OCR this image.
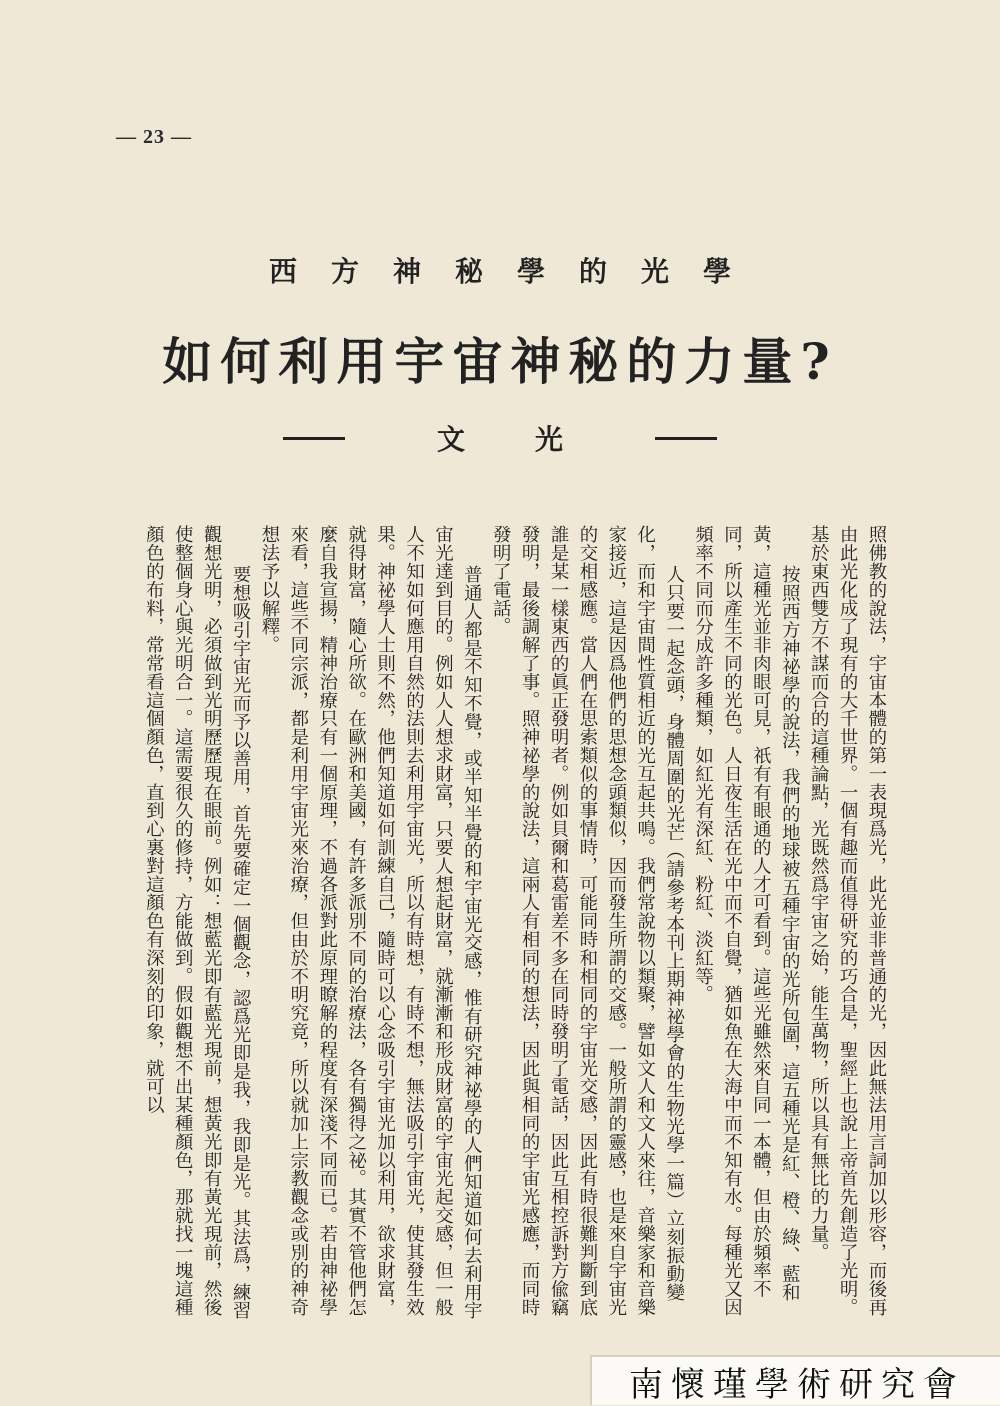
— 23 —
西方神秘學的光學
如何利用宇宙神秘的力量?
文光

照佛教的說法，宇宙本體的第一表現爲光，此光並非普通的光，因此無法用言詞加以形容，而後再由此光化成了現有的大千世界。一個有趣而值得研究的巧合是，聖經上也說上帝首先創造了光明。基於東西雙方不謀而合的這種論點，光既然爲宇宙之始，能生萬物，所以具有無比的力量。

按照西方神祕學的說法，我們的地球被五種宇宙的光所包圍，這五種光是紅、橙、綠、藍和黃，這種光並非肉眼可見，祇有有眼通的人才可看到。這些光雖然來自同一本體，但由於頻率不同，所以產生不同的光色。人日夜生活在光中而不自覺，猶如魚在大海中而不知有水。每種光又因頻率不同而分成許多種類，如紅光有深紅、粉紅、淡紅等。

人只要一起念頭，身體周圍的光芒（請參考本刊上期神祕學會的生物光學一篇）立刻振動變化，而和宇宙間性質相近的光互起共鳴。我們常說物以類聚，譬如文人和文人來往，音樂家和音樂家接近，這是因爲他們的思想念頭類似，因而發生所謂的交感。一般所謂的靈感，也是來自宇宙光的交相感應。當人們在思索類似的事情時，可能同時和相同的宇宙光交感，因此有時很難判斷到底誰是某一樣東西的眞正發明者。例如貝爾和葛雷差不多在同時發明了電話，因此互相控訴對方偸竊發明，最後調解了事。照神祕學的說法，這兩人有相同的想法，因此與相同的宇宙光感應，而同時發明了電話。

普通人都是不知不覺，或半知半覺的和宇宙光交感，惟有研究神祕學的人們知道如何去利用宇宙光達到目的。例如人人想求財富，只要人想起財富，就漸漸和形成財富的宇宙光起交感，但一般人不知如何應用自然的法則去利用宇宙光，所以有時想，有時不想，無法吸引宇宙光，使其發生效果。神祕學人士則不然，他們知道如何訓練自己，隨時可以心念吸引宇宙光加以利用，欲求財富，就得財富，隨心所欲。在歐洲和美國，有許多派別不同的治療法，各有獨得之祕。其實不管他們怎麼自我宣揚，精神治療只有一個原理，不過各派對此原理瞭解的程度有深淺不同而已。若由神祕學來看，這些不同宗派，都是利用宇宙光來治療，但由於不明究竟，所以就加上宗教觀念或別的神奇想法予以解釋。

要想吸引宇宙光而予以善用，首先要確定一個觀念，認爲光即是我，我即是光。其法爲，練習觀想光明，必須做到光明歷歷現在眼前。例如：想藍光即有藍光現前，想黃光即有黃光現前，然後使整個身心與光明合一。這需要很久的修持，方能做到。假如觀想不出某種顏色，那就找一塊這種顏色的布料，常常看這個顏色，直到心裏對這顏色有深刻的印象，就可以

南懷瑾學術研究會
